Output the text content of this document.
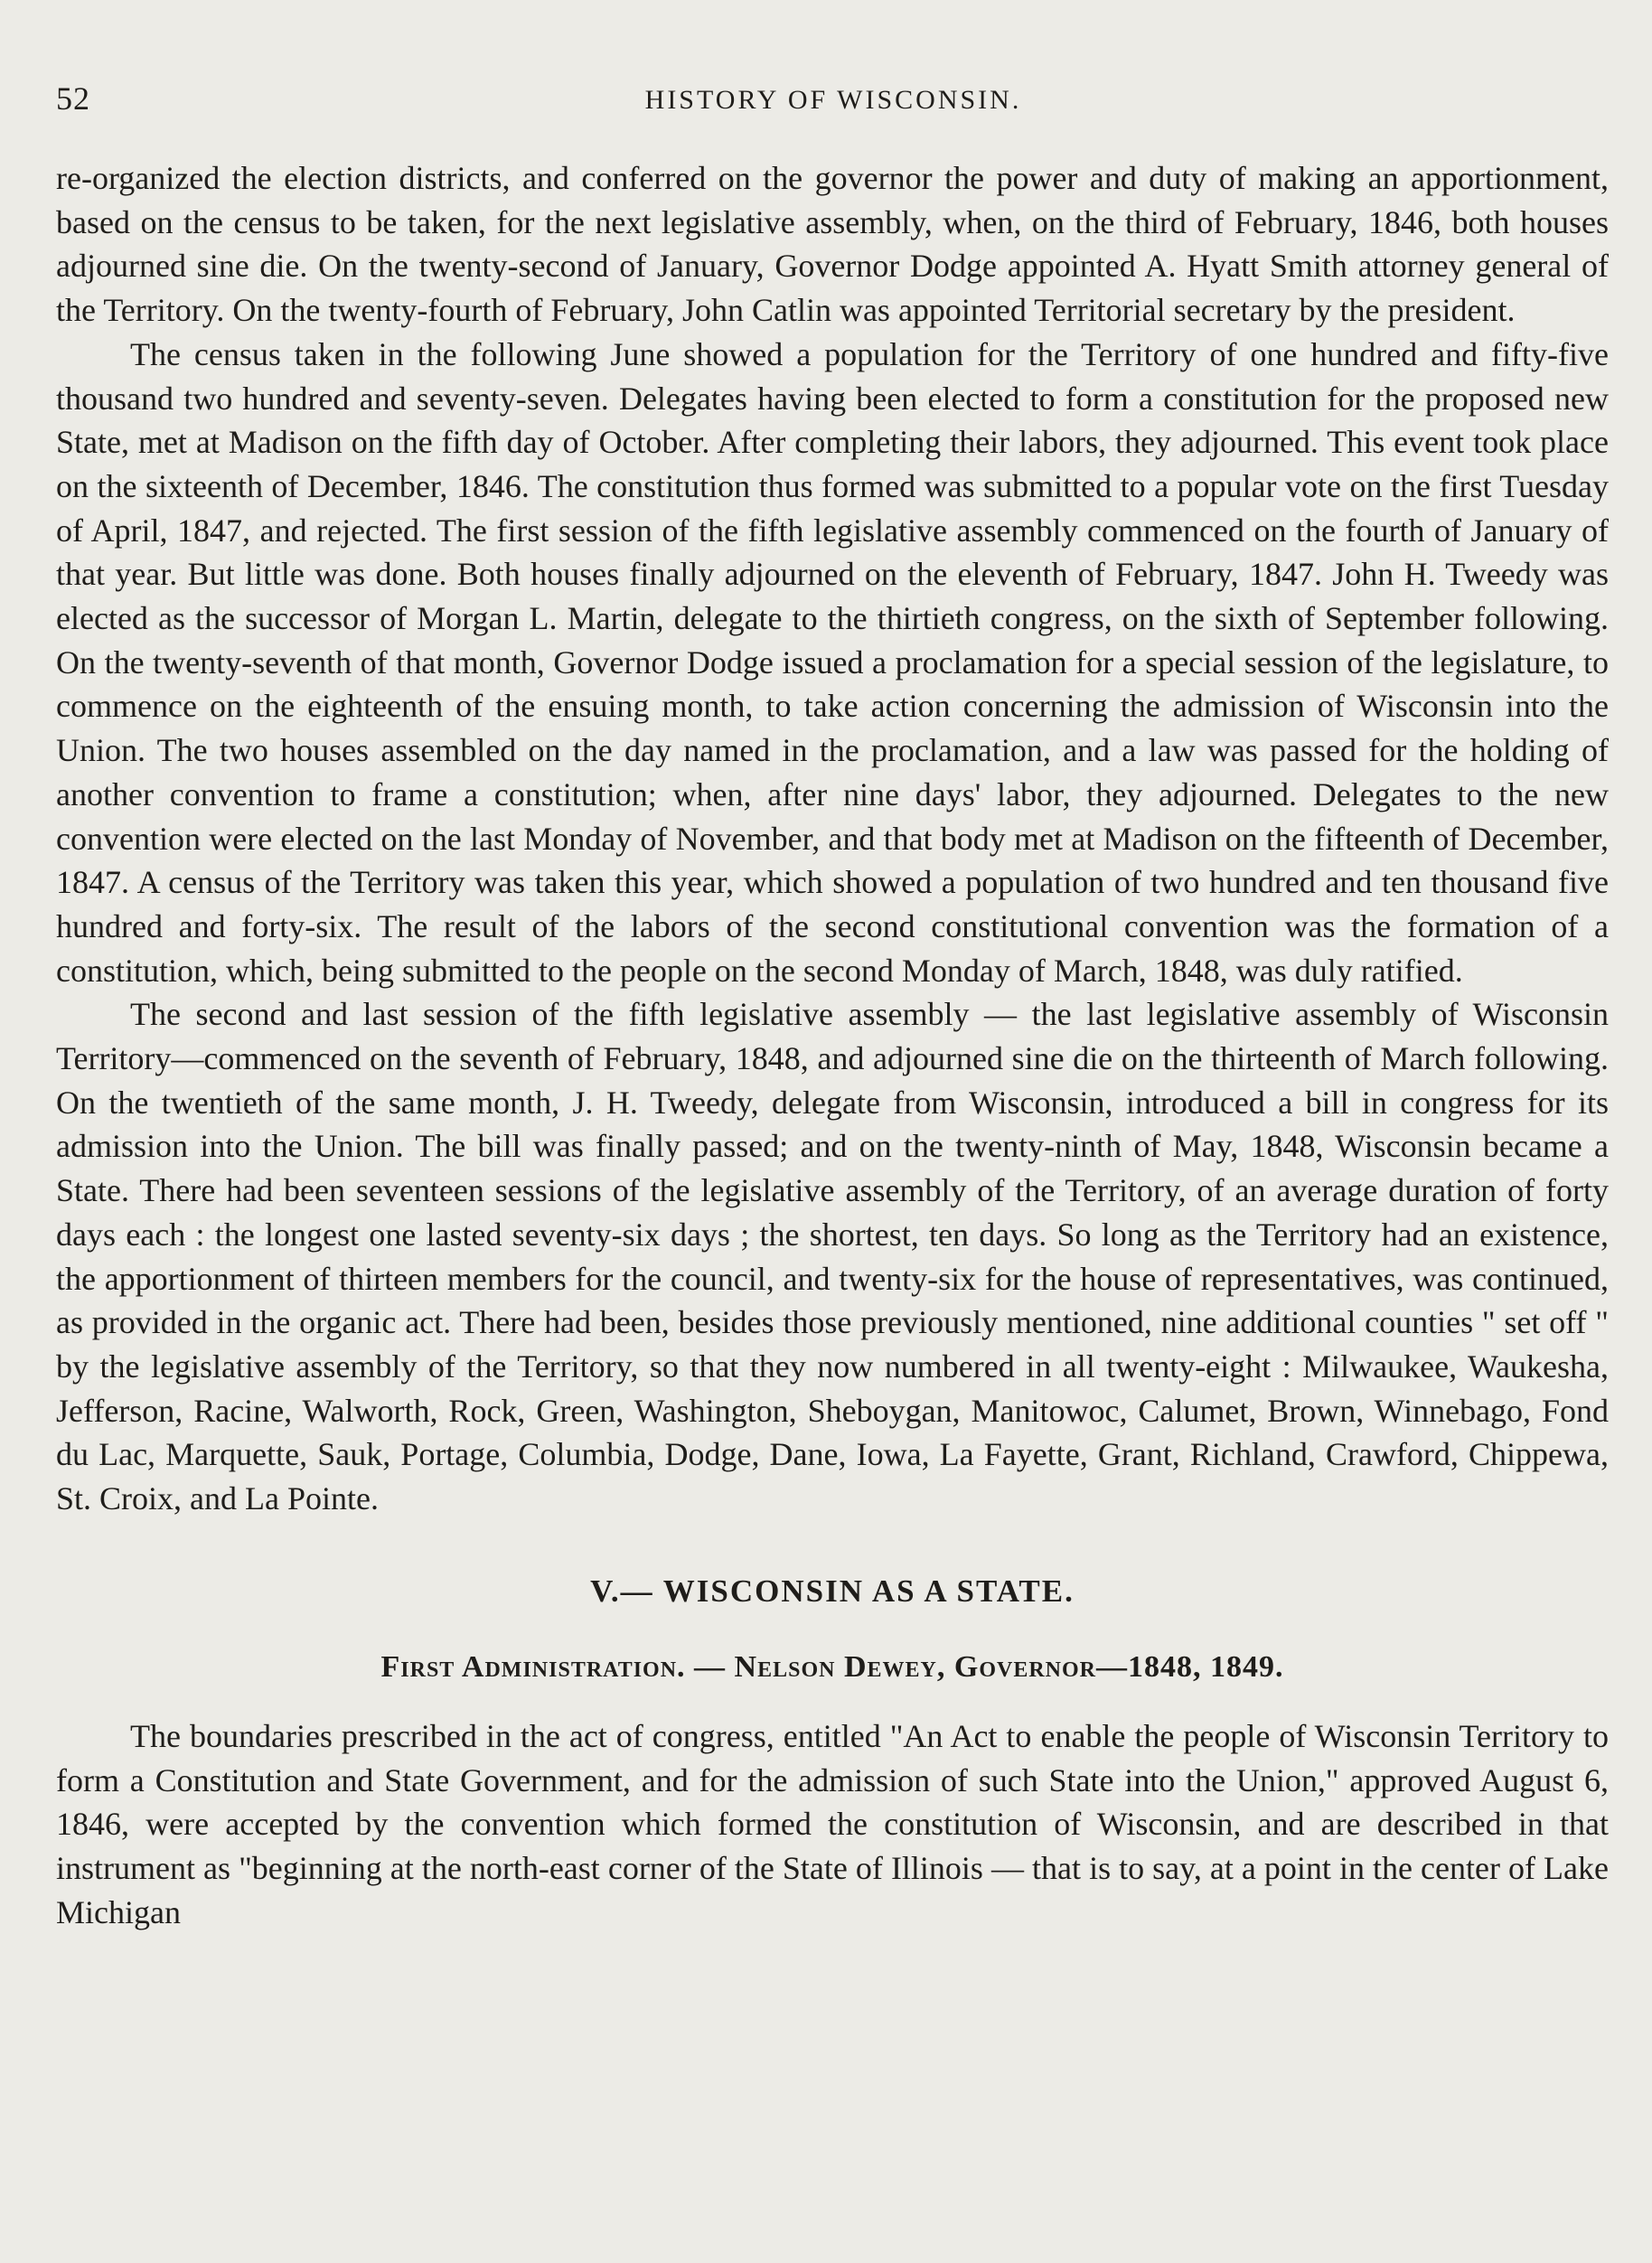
52	HISTORY OF WISCONSIN.

re-organized the election districts, and conferred on the governor the power and duty of making an apportionment, based on the census to be taken, for the next legislative assembly, when, on the third of February, 1846, both houses adjourned sine die. On the twenty-second of January, Governor Dodge appointed A. Hyatt Smith attorney general of the Territory. On the twenty-fourth of February, John Catlin was appointed Territorial secretary by the president.

The census taken in the following June showed a population for the Territory of one hundred and fifty-five thousand two hundred and seventy-seven. Delegates having been elected to form a constitution for the proposed new State, met at Madison on the fifth day of October. After completing their labors, they adjourned. This event took place on the sixteenth of December, 1846. The constitution thus formed was submitted to a popular vote on the first Tuesday of April, 1847, and rejected. The first session of the fifth legislative assembly commenced on the fourth of January of that year. But little was done. Both houses finally adjourned on the eleventh of February, 1847. John H. Tweedy was elected as the successor of Morgan L. Martin, delegate to the thirtieth congress, on the sixth of September following. On the twenty-seventh of that month, Governor Dodge issued a proclamation for a special session of the legislature, to commence on the eighteenth of the ensuing month, to take action concerning the admission of Wisconsin into the Union. The two houses assembled on the day named in the proclamation, and a law was passed for the holding of another convention to frame a constitution; when, after nine days' labor, they adjourned. Delegates to the new convention were elected on the last Monday of November, and that body met at Madison on the fifteenth of December, 1847. A census of the Territory was taken this year, which showed a population of two hundred and ten thousand five hundred and forty-six. The result of the labors of the second constitutional convention was the formation of a constitution, which, being submitted to the people on the second Monday of March, 1848, was duly ratified.

The second and last session of the fifth legislative assembly — the last legislative assembly of Wisconsin Territory—commenced on the seventh of February, 1848, and adjourned sine die on the thirteenth of March following. On the twentieth of the same month, J. H. Tweedy, delegate from Wisconsin, introduced a bill in congress for its admission into the Union. The bill was finally passed; and on the twenty-ninth of May, 1848, Wisconsin became a State. There had been seventeen sessions of the legislative assembly of the Territory, of an average duration of forty days each : the longest one lasted seventy-six days ; the shortest, ten days. So long as the Territory had an existence, the apportionment of thirteen members for the council, and twenty-six for the house of representatives, was continued, as provided in the organic act. There had been, besides those previously mentioned, nine additional counties " set off " by the legislative assembly of the Territory, so that they now numbered in all twenty-eight : Milwaukee, Waukesha, Jefferson, Racine, Walworth, Rock, Green, Washington, Sheboygan, Manitowoc, Calumet, Brown, Winnebago, Fond du Lac, Marquette, Sauk, Portage, Columbia, Dodge, Dane, Iowa, La Fayette, Grant, Richland, Crawford, Chippewa, St. Croix, and La Pointe.

V.— WISCONSIN AS A STATE.
First Administration. — Nelson Dewey, Governor—1848, 1849.

The boundaries prescribed in the act of congress, entitled "An Act to enable the people of Wisconsin Territory to form a Constitution and State Government, and for the admission of such State into the Union," approved August 6, 1846, were accepted by the convention which formed the constitution of Wisconsin, and are described in that instrument as "beginning at the north-east corner of the State of Illinois — that is to say, at a point in the center of Lake Michigan
